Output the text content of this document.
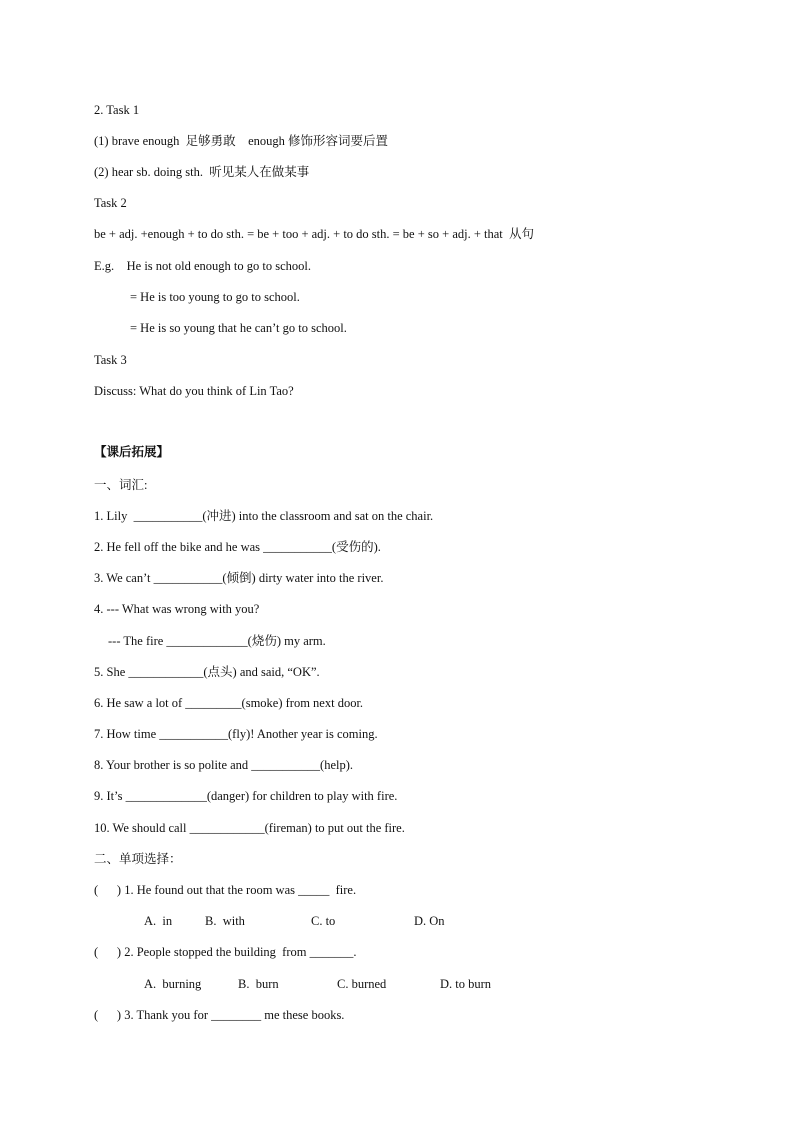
2. Task 1
(1) brave enough  足够勇敢    enough 修饰形容词要后置
(2) hear sb. doing sth.  听见某人在做某事
Task 2
be + adj. +enough + to do sth. = be + too + adj. + to do sth. = be + so + adj. + that  从句
E.g.    He is not old enough to go to school.
= He is too young to go to school.
= He is so young that he can’t go to school.
Task 3
Discuss: What do you think of Lin Tao?
【课后拓展】
一、词汇:
1. Lily  ___________(冲进) into the classroom and sat on the chair.
2. He fell off the bike and he was ___________(受伤的).
3. We can’t ___________(倾倒) dirty water into the river.
4. --- What was wrong with you?
--- The fire _____________(烧伤) my arm.
5. She ____________(点头) and said, “OK”.
6. He saw a lot of _________(smoke) from next door.
7. How time ___________(fly)! Another year is coming.
8. Your brother is so polite and ___________(help).
9. It’s _____________(danger) for children to play with fire.
10. We should call ____________(fireman) to put out the fire.
二、单项选择：
(      ) 1. He found out that the room was _____  fire.
A.  in	B.  with	C. to	D. On
(      ) 2. People stopped the building  from _______.
A.  burning	B.  burn	C. burned	D. to burn
(      ) 3. Thank you for ________ me these books.
